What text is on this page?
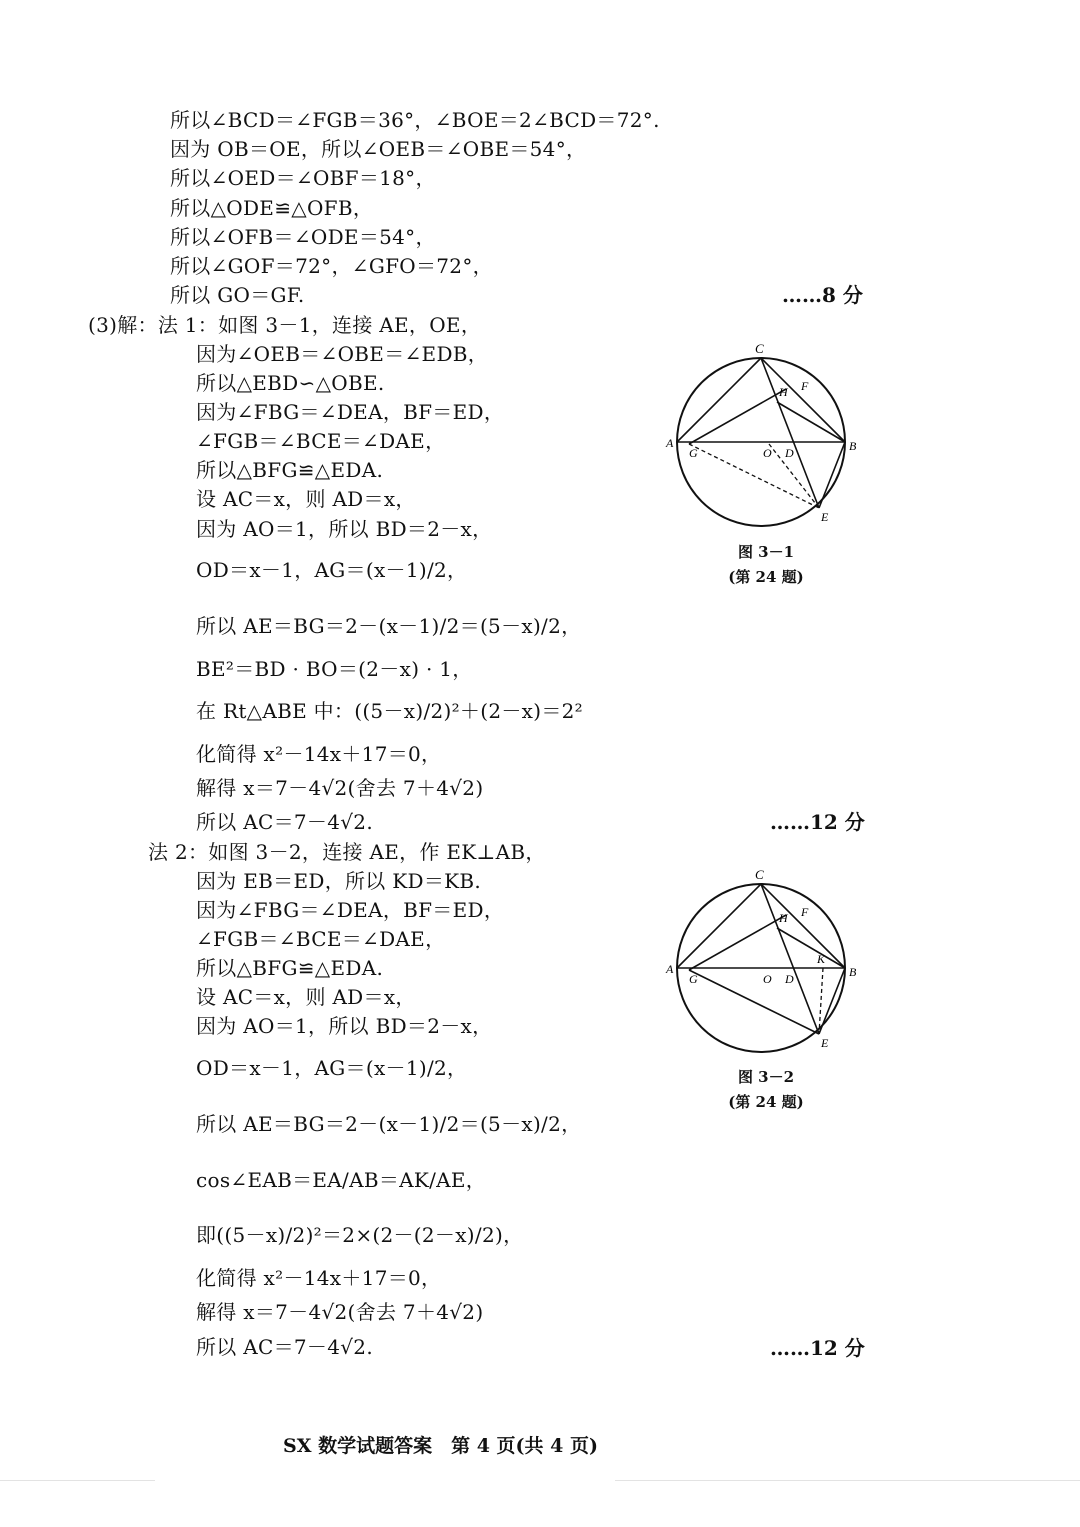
所以∠BCD＝∠FGB＝36°，∠BOE＝2∠BCD＝72°.
因为 OB＝OE，所以∠OEB＝∠OBE＝54°，
所以∠OED＝∠OBF＝18°，
所以△ODE≌△OFB，
所以∠OFB＝∠ODE＝54°，
所以∠GOF＝72°，∠GFO＝72°，
所以 GO＝GF.	……8 分
(3)解：法 1：如图 3－1，连接 AE，OE，
因为∠OEB＝∠OBE＝∠EDB，
所以△EBD∽△OBE.
因为∠FBG＝∠DEA，BF＝ED，
∠FGB＝∠BCE＝∠DAE，
所以△BFG≌△EDA.
设 AC＝x，则 AD＝x，
因为 AO＝1，所以 BD＝2－x，
OD＝x－1，AG＝(x－1)/2，
所以 AE＝BG＝2－(x－1)/2＝(5－x)/2，
BE²＝BD · BO＝(2－x) · 1，
在 Rt△ABE 中：((5－x)/2)²＋(2－x)＝2²
化简得 x²－14x＋17＝0，
解得 x＝7－4√2(舍去 7＋4√2)
所以 AC＝7－4√2.	……12 分
C
H F
A
G	O D	B
E
图 3－1
(第 24 题)
法 2：如图 3－2，连接 AE，作 EK⊥AB，
因为 EB＝ED，所以 KD＝KB.
因为∠FBG＝∠DEA，BF＝ED，
∠FGB＝∠BCE＝∠DAE，
所以△BFG≌△EDA.
设 AC＝x，则 AD＝x，
因为 AO＝1，所以 BD＝2－x，
OD＝x－1，AG＝(x－1)/2，
所以 AE＝BG＝2－(x－1)/2＝(5－x)/2，
cos∠EAB＝EA/AB＝AK/AE，
即((5－x)/2)²＝2×(2－(2－x)/2)，
化简得 x²－14x＋17＝0，
解得 x＝7－4√2(舍去 7＋4√2)
所以 AC＝7－4√2.	……12 分
C
H F
A
G	O D
K
B
E
图 3－2
(第 24 题)
SX 数学试题答案　第 4 页(共 4 页)
